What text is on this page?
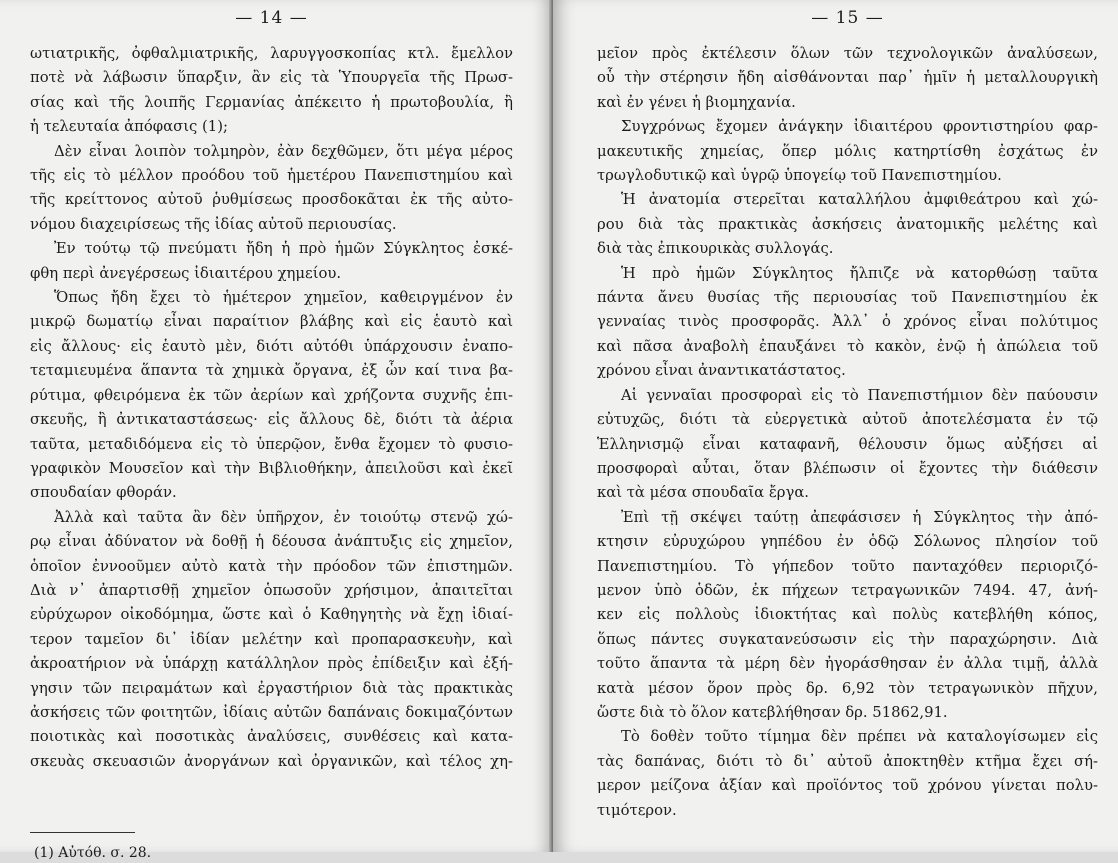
— 14 —
ωτιατρικῆς, ὀφθαλμιατρικῆς, λαρυγγοσκοπίας κτλ. ἔμελλον
ποτὲ νὰ λάβωσιν ὕπαρξιν, ἂν εἰς τὰ Ὑπουργεῖα τῆς Πρωσ-
σίας καὶ τῆς λοιπῆς Γερμανίας ἀπέκειτο ἡ πρωτοβουλία, ἢ
ἡ τελευταία ἀπόφασις (1);
Δὲν εἶναι λοιπὸν τολμηρὸν, ἐὰν δεχθῶμεν, ὅτι μέγα μέρος
τῆς εἰς τὸ μέλλον προόδου τοῦ ἡμετέρου Πανεπιστημίου καὶ
τῆς κρείττονος αὐτοῦ ῥυθμίσεως προσδοκᾶται ἐκ τῆς αὐτο-
νόμου διαχειρίσεως τῆς ἰδίας αὐτοῦ περιουσίας.
Ἐν τούτῳ τῷ πνεύματι ἤδη ἡ πρὸ ἡμῶν Σύγκλητος ἐσκέ-
φθη περὶ ἀνεγέρσεως ἰδιαιτέρου χημείου.
Ὅπως ἤδη ἔχει τὸ ἡμέτερον χημεῖον, καθειργμένον ἐν
μικρῷ δωματίῳ εἶναι παραίτιον βλάβης καὶ εἰς ἑαυτὸ καὶ
εἰς ἄλλους· εἰς ἑαυτὸ μὲν, διότι αὐτόθι ὑπάρχουσιν ἐναπο-
τεταμιευμένα ἅπαντα τὰ χημικὰ ὄργανα, ἐξ ὧν καί τινα βα-
ρύτιμα, φθειρόμενα ἐκ τῶν ἀερίων καὶ χρήζοντα συχνῆς ἐπι-
σκευῆς, ἢ ἀντικαταστάσεως· εἰς ἄλλους δὲ, διότι τὰ ἀέρια
ταῦτα, μεταδιδόμενα εἰς τὸ ὑπερῷον, ἔνθα ἔχομεν τὸ φυσιο-
γραφικὸν Μουσεῖον καὶ τὴν Βιβλιοθήκην, ἀπειλοῦσι καὶ ἐκεῖ
σπουδαίαν φθοράν.
Ἀλλὰ καὶ ταῦτα ἂν δὲν ὑπῆρχον, ἐν τοιούτῳ στενῷ χώ-
ρῳ εἶναι ἀδύνατον νὰ δοθῇ ἡ δέουσα ἀνάπτυξις εἰς χημεῖον,
ὁποῖον ἐννοοῦμεν αὐτὸ κατὰ τὴν πρόοδον τῶν ἐπιστημῶν.
Διὰ ν᾽ ἀπαρτισθῇ χημεῖον ὁπωσοῦν χρήσιμον, ἀπαιτεῖται
εὐρύχωρον οἰκοδόμημα, ὥστε καὶ ὁ Καθηγητὴς νὰ ἔχῃ ἰδιαί-
τερον ταμεῖον δι᾽ ἰδίαν μελέτην καὶ προπαρασκευὴν, καὶ
ἀκροατήριον νὰ ὑπάρχῃ κατάλληλον πρὸς ἐπίδειξιν καὶ ἐξή-
γησιν τῶν πειραμάτων καὶ ἐργαστήριον διὰ τὰς πρακτικὰς
ἀσκήσεις τῶν φοιτητῶν, ἰδίαις αὐτῶν δαπάναις δοκιμαζόντων
ποιοτικὰς καὶ ποσοτικὰς ἀναλύσεις, συνθέσεις καὶ κατα-
σκευὰς σκευασιῶν ἀνοργάνων καὶ ὀργανικῶν, καὶ τέλος χη-
(1) Αὐτόθ. σ. 28.
— 15 —
μεῖον πρὸς ἐκτέλεσιν ὅλων τῶν τεχνολογικῶν ἀναλύσεων,
οὗ τὴν στέρησιν ἤδη αἰσθάνονται παρ᾽ ἡμῖν ἡ μεταλλουργικὴ
καὶ ἐν γένει ἡ βιομηχανία.
Συγχρόνως ἔχομεν ἀνάγκην ἰδιαιτέρου φροντιστηρίου φαρ-
μακευτικῆς χημείας, ὅπερ μόλις κατηρτίσθη ἐσχάτως ἐν
τρωγλοδυτικῷ καὶ ὑγρῷ ὑπογείῳ τοῦ Πανεπιστημίου.
Ἡ ἀνατομία στερεῖται καταλλήλου ἀμφιθεάτρου καὶ χώ-
ρου διὰ τὰς πρακτικὰς ἀσκήσεις ἀνατομικῆς μελέτης καὶ
διὰ τὰς ἐπικουρικὰς συλλογάς.
Ἡ πρὸ ἡμῶν Σύγκλητος ἤλπιζε νὰ κατορθώσῃ ταῦτα
πάντα ἄνευ θυσίας τῆς περιουσίας τοῦ Πανεπιστημίου ἐκ
γενναίας τινὸς προσφορᾶς. Ἀλλ᾽ ὁ χρόνος εἶναι πολύτιμος
καὶ πᾶσα ἀναβολὴ ἐπαυξάνει τὸ κακὸν, ἐνῷ ἡ ἀπώλεια τοῦ
χρόνου εἶναι ἀναντικατάστατος.
Αἱ γενναῖαι προσφοραὶ εἰς τὸ Πανεπιστήμιον δὲν παύουσιν
εὐτυχῶς, διότι τὰ εὐεργετικὰ αὐτοῦ ἀποτελέσματα ἐν τῷ
Ἑλληνισμῷ εἶναι καταφανῆ, θέλουσιν ὅμως αὐξήσει αἱ
προσφοραὶ αὗται, ὅταν βλέπωσιν οἱ ἔχοντες τὴν διάθεσιν
καὶ τὰ μέσα σπουδαῖα ἔργα.
Ἐπὶ τῇ σκέψει ταύτῃ ἀπεφάσισεν ἡ Σύγκλητος τὴν ἀπό-
κτησιν εὐρυχώρου γηπέδου ἐν ὁδῷ Σόλωνος πλησίον τοῦ
Πανεπιστημίου. Τὸ γήπεδον τοῦτο πανταχόθεν περιοριζό-
μενον ὑπὸ ὁδῶν, ἐκ πήχεων τετραγωνικῶν 7494. 47, ἀνή-
κεν εἰς πολλοὺς ἰδιοκτήτας καὶ πολὺς κατεβλήθη κόπος,
ὅπως πάντες συγκατανεύσωσιν εἰς τὴν παραχώρησιν. Διὰ
τοῦτο ἅπαντα τὰ μέρη δὲν ἠγοράσθησαν ἐν ἀλλα τιμῇ, ἀλλὰ
κατὰ μέσον ὅρον πρὸς δρ. 6,92 τὸν τετραγωνικὸν πῆχυν,
ὥστε διὰ τὸ ὅλον κατεβλήθησαν δρ. 51862,91.
Τὸ δοθὲν τοῦτο τίμημα δὲν πρέπει νὰ καταλογίσωμεν εἰς
τὰς δαπάνας, διότι τὸ δι᾽ αὐτοῦ ἀποκτηθὲν κτῆμα ἔχει σή-
μερον μείζονα ἀξίαν καὶ προϊόντος τοῦ χρόνου γίνεται πολυ-
τιμότερον.
